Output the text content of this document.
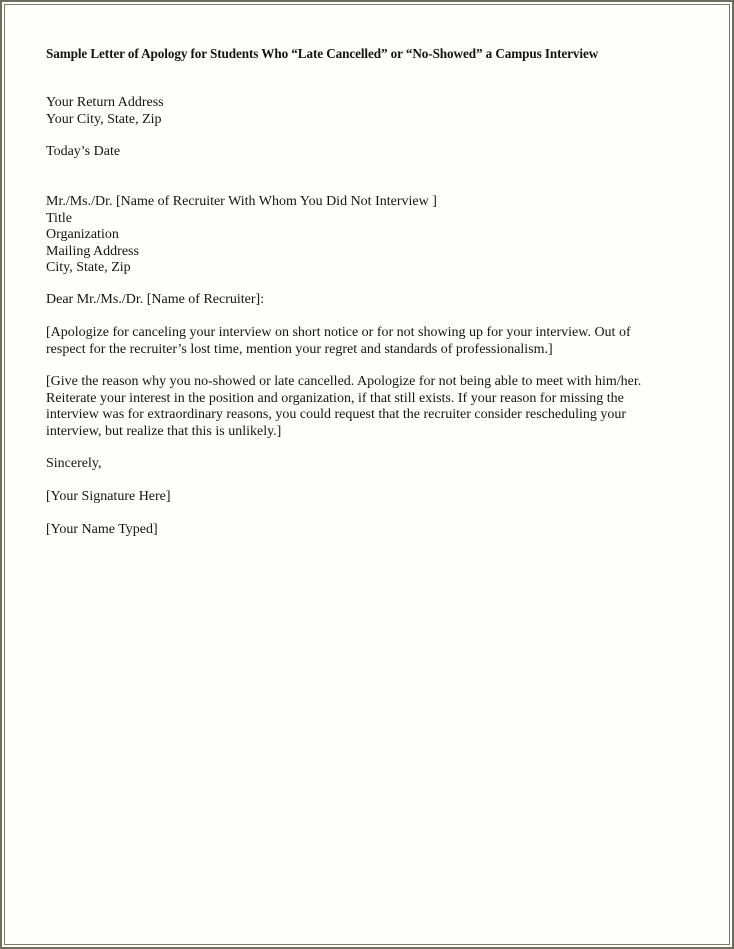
Sample Letter of Apology for Students Who “Late Cancelled” or “No-Showed” a Campus Interview
Your Return Address
Your City, State, Zip
Today’s Date
Mr./Ms./Dr. [Name of Recruiter With Whom You Did Not Interview ]
Title
Organization
Mailing Address
City, State, Zip
Dear Mr./Ms./Dr. [Name of Recruiter]:
[Apologize for canceling your interview on short notice or for not showing up for your interview. Out of
respect for the recruiter’s lost time, mention your regret and standards of professionalism.]
[Give the reason why you no-showed or late cancelled. Apologize for not being able to meet with him/her.
Reiterate your interest in the position and organization, if that still exists. If your reason for missing the
interview was for extraordinary reasons, you could request that the recruiter consider rescheduling your
interview, but realize that this is unlikely.]
Sincerely,
[Your Signature Here]
[Your Name Typed]
